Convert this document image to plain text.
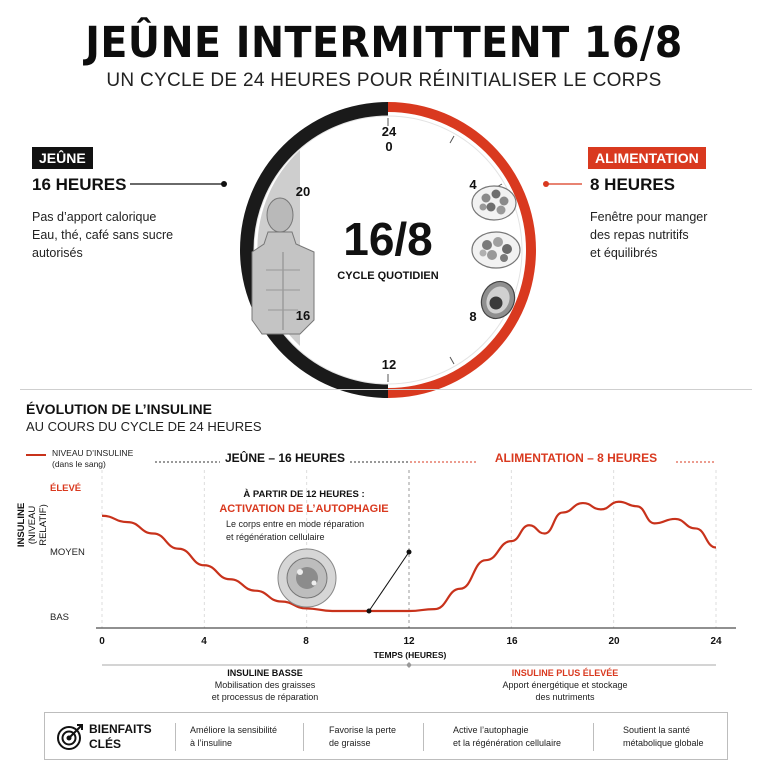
JEÛNE INTERMITTENT 16/8
UN CYCLE DE 24 HEURES POUR RÉINITIALISER LE CORPS
JEÛNE
16 HEURES
Pas d’apport calorique
Eau, thé, café sans sucre
autorisés
ALIMENTATION
8 HEURES
Fenêtre pour manger
des repas nutritifs
et équilibrés
24
0
4
8
12
16
20
16/8
CYCLE QUOTIDIEN
ÉVOLUTION DE L’INSULINE
AU COURS DU CYCLE DE 24 HEURES
NIVEAU D’INSULINE
(dans le sang)	JEÛNE – 16 HEURES	ALIMENTATION – 8 HEURES
INSULINE (NIVEAU RELATIF)
ÉLEVÉ
MOYEN
BAS
0	4	8	12	16	20	24
TEMPS (HEURES)
À PARTIR DE 12 HEURES :
ACTIVATION DE L’AUTOPHAGIE
Le corps entre en mode réparation
et régénération cellulaire
INSULINE BASSE
Mobilisation des graisses
et processus de réparation
INSULINE PLUS ÉLEVÉE
Apport énergétique et stockage
des nutriments
BIENFAITS
CLÉS
Améliore la sensibilité
à l’insuline
Favorise la perte
de graisse
Active l’autophagie
et la régénération cellulaire
Soutient la santé
métabolique globale
